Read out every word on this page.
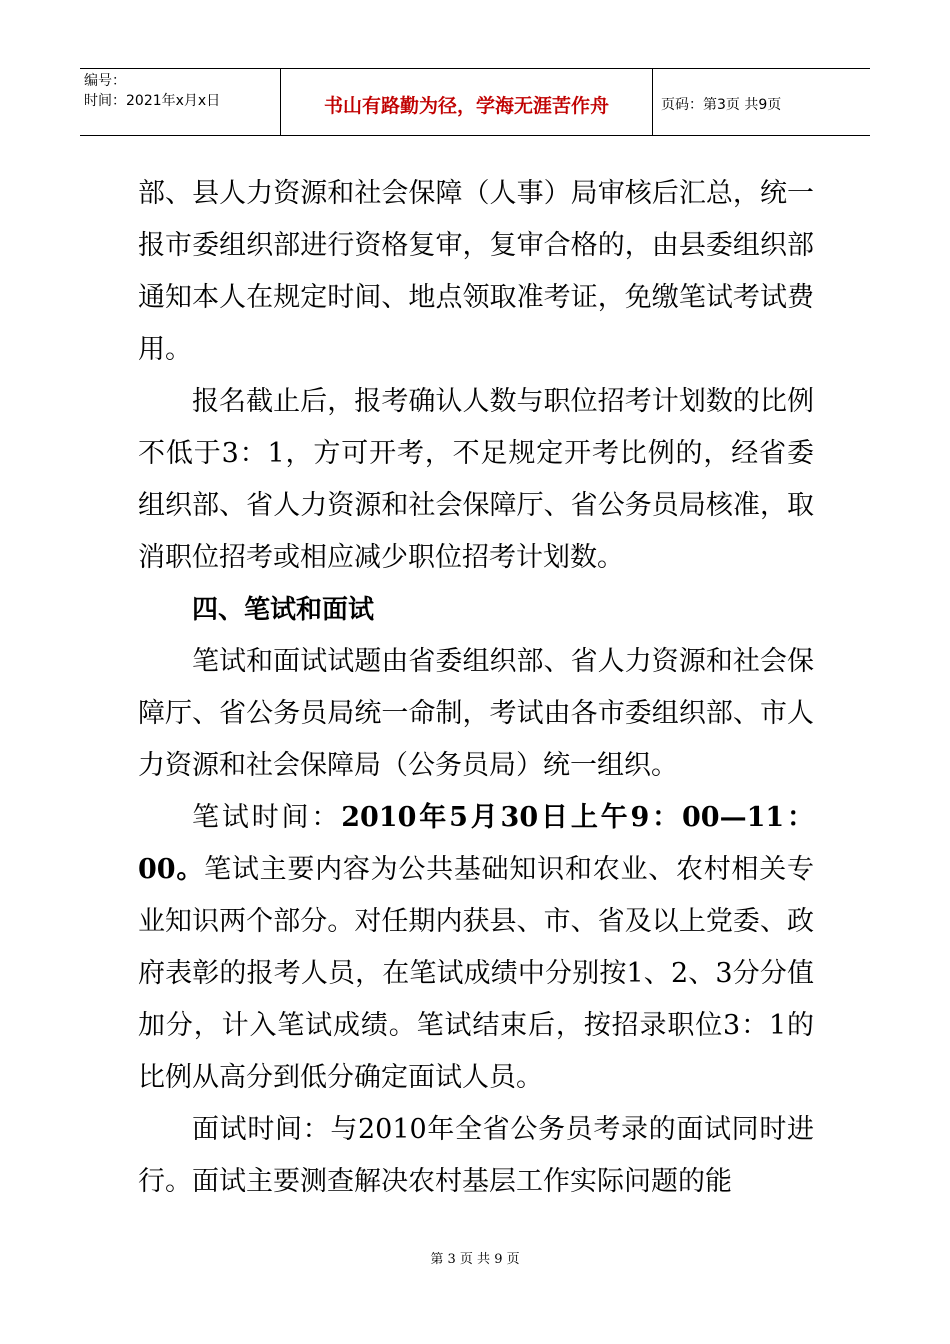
编号：
时间：2021年x月x日	书山有路勤为径，学海无涯苦作舟	页码：第3页 共9页

部、县人力资源和社会保障（人事）局审核后汇总，统一报市委组织部进行资格复审，复审合格的，由县委组织部通知本人在规定时间、地点领取准考证，免缴笔试考试费用。

报名截止后，报考确认人数与职位招考计划数的比例不低于3：1，方可开考，不足规定开考比例的，经省委组织部、省人力资源和社会保障厅、省公务员局核准，取消职位招考或相应减少职位招考计划数。

四、笔试和面试

笔试和面试试题由省委组织部、省人力资源和社会保障厅、省公务员局统一命制，考试由各市委组织部、市人力资源和社会保障局（公务员局）统一组织。

笔试时间：2010年5月30日上午9：00—11：00。笔试主要内容为公共基础知识和农业、农村相关专业知识两个部分。对任期内获县、市、省及以上党委、政府表彰的报考人员，在笔试成绩中分别按1、2、3分分值加分，计入笔试成绩。笔试结束后，按招录职位3：1的比例从高分到低分确定面试人员。

面试时间：与2010年全省公务员考录的面试同时进行。面试主要测查解决农村基层工作实际问题的能

第 3 页 共 9 页
